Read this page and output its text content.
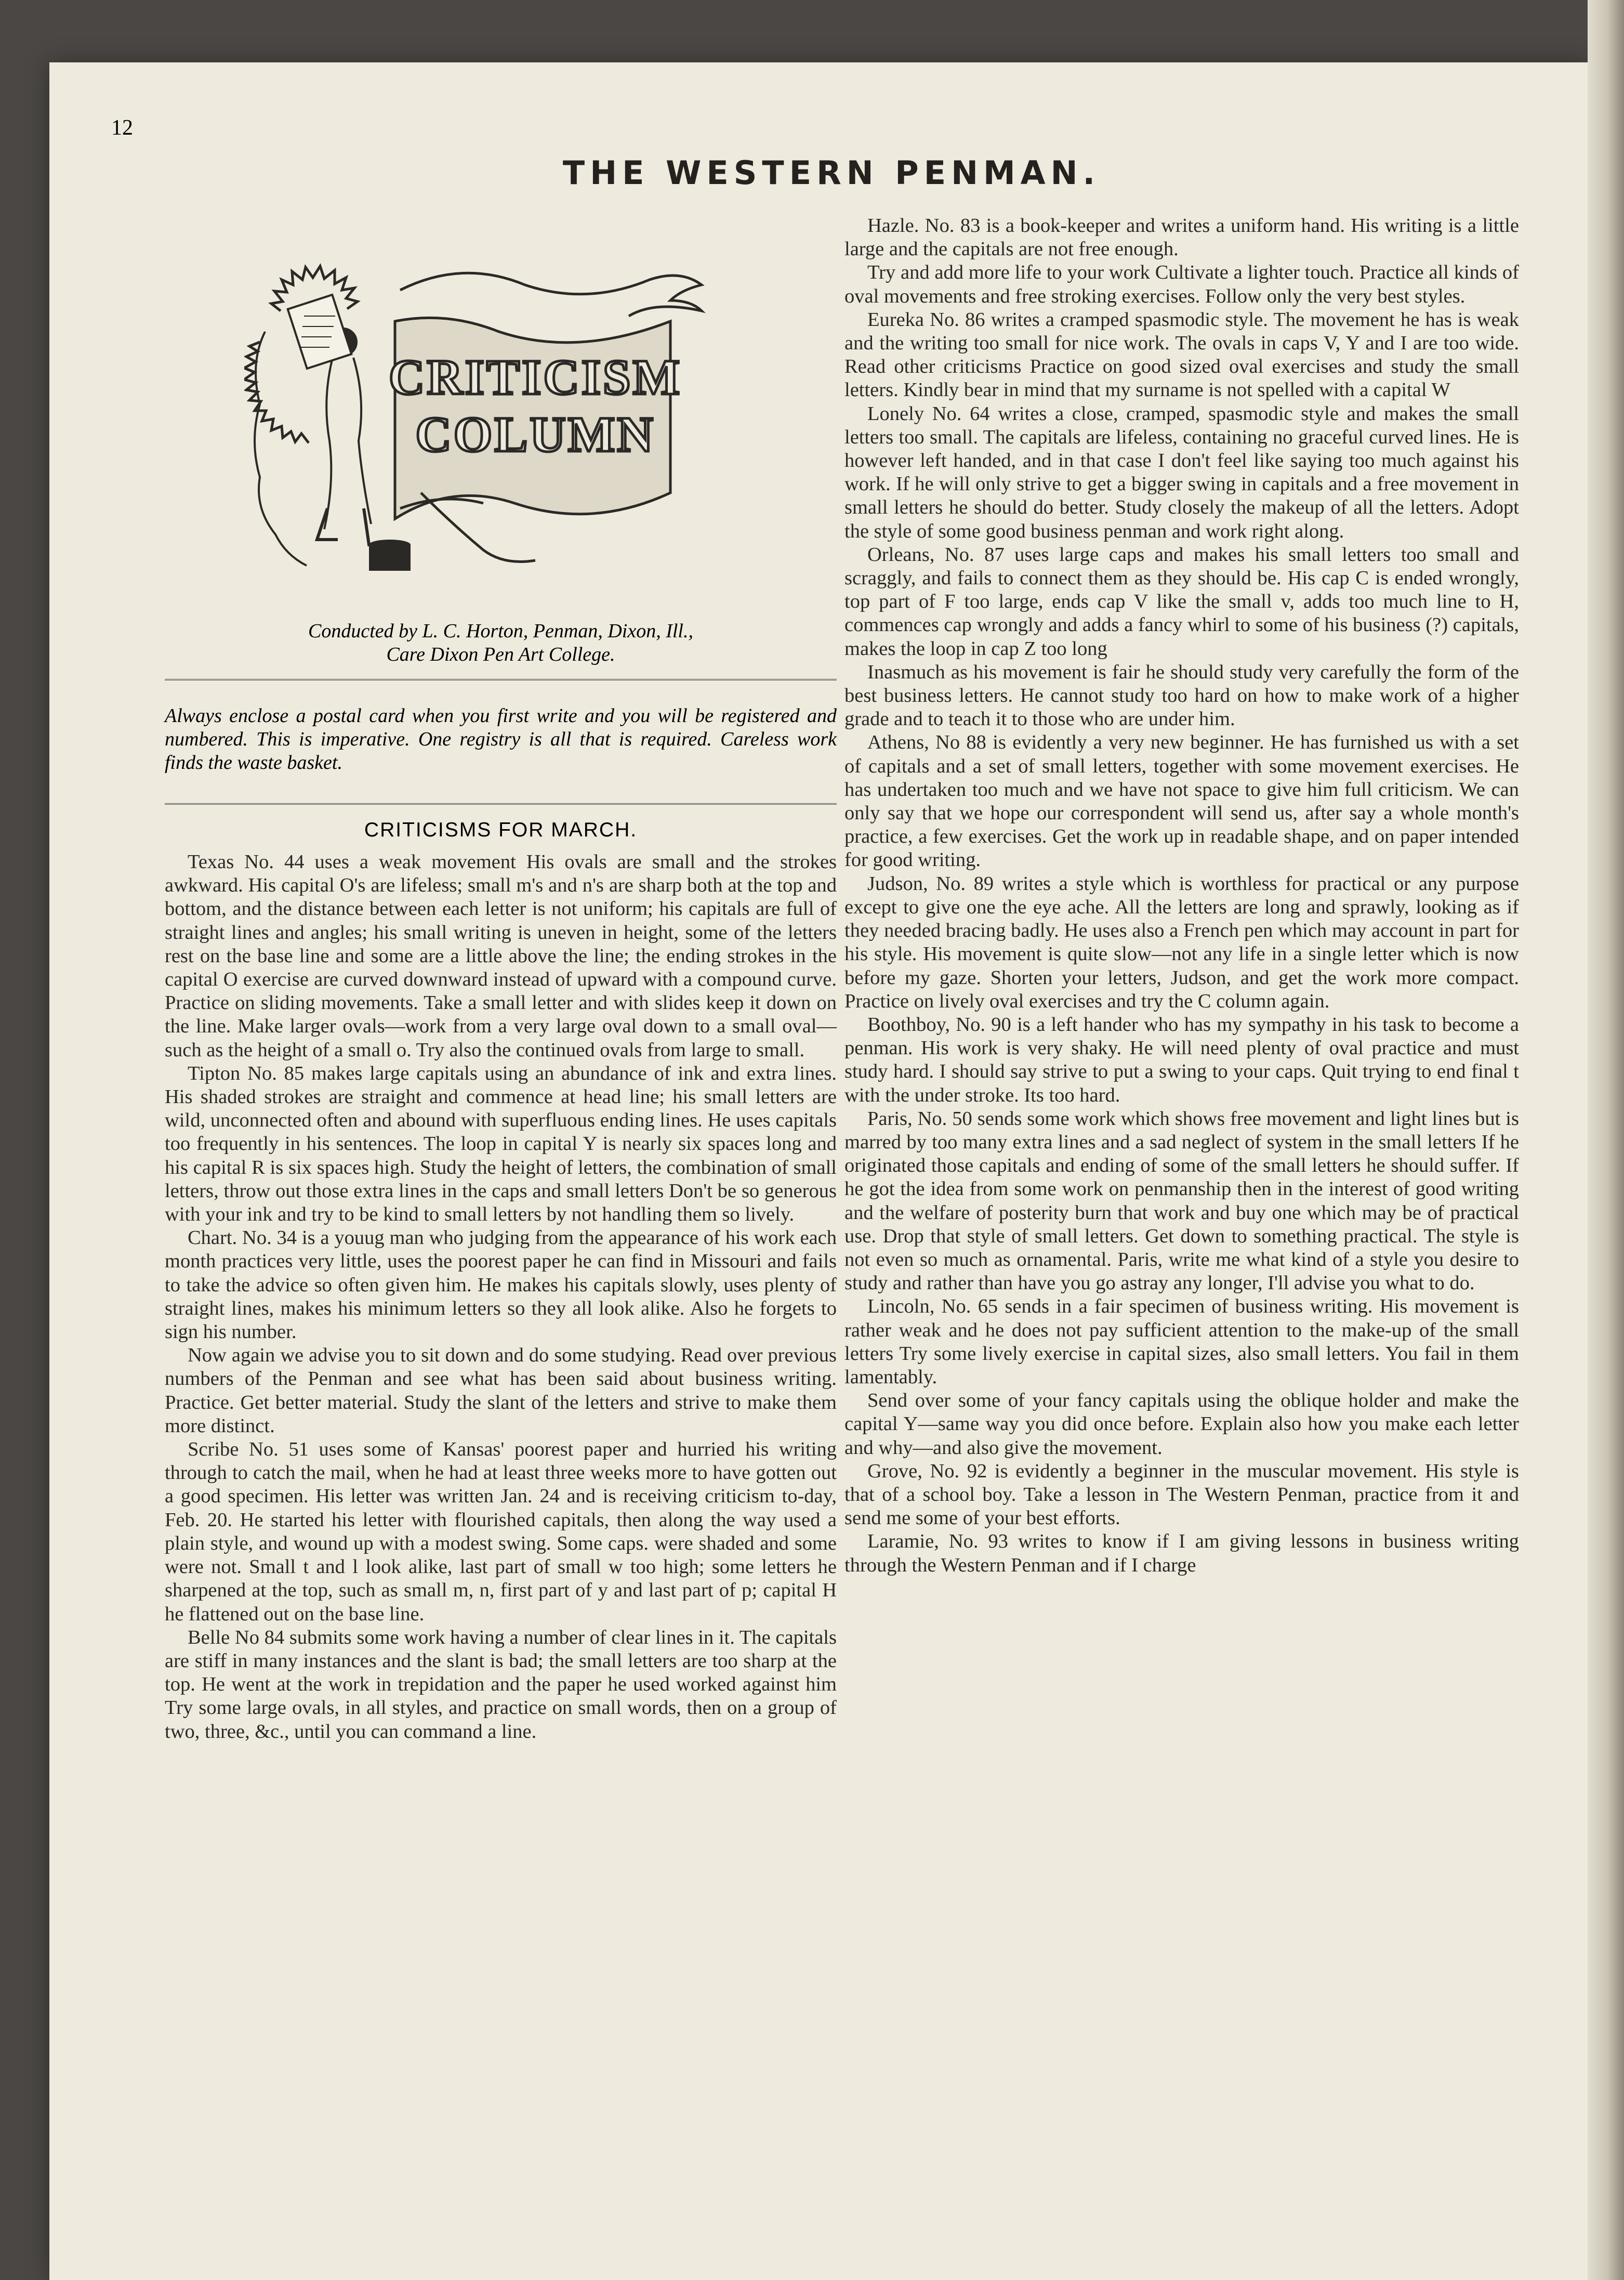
12

THE WESTERN PENMAN.

CRITICISM
COLUMN

Conducted by L. C. Horton, Penman, Dixon, Ill.,
Care Dixon Pen Art College.

Always enclose a postal card when you first write and you will be registered and numbered. This is imperative. One registry is all that is required. Careless work finds the waste basket.

CRITICISMS FOR MARCH.

Texas No. 44 uses a weak movement His ovals are small and the strokes awkward. His capital O's are lifeless; small m's and n's are sharp both at the top and bottom, and the distance between each letter is not uniform; his capitals are full of straight lines and angles; his small writing is uneven in height, some of the letters rest on the base line and some are a little above the line; the ending strokes in the capital O exercise are curved downward instead of upward with a compound curve. Practice on sliding movements. Take a small letter and with slides keep it down on the line. Make larger ovals—work from a very large oval down to a small oval—such as the height of a small o. Try also the continued ovals from large to small.

Tipton No. 85 makes large capitals using an abundance of ink and extra lines. His shaded strokes are straight and commence at head line; his small letters are wild, unconnected often and abound with superfluous ending lines. He uses capitals too frequently in his sentences. The loop in capital Y is nearly six spaces long and his capital R is six spaces high. Study the height of letters, the combination of small letters, throw out those extra lines in the caps and small letters Don't be so generous with your ink and try to be kind to small letters by not handling them so lively.

Chart. No. 34 is a youug man who judging from the appearance of his work each month practices very little, uses the poorest paper he can find in Missouri and fails to take the advice so often given him. He makes his capitals slowly, uses plenty of straight lines, makes his minimum letters so they all look alike. Also he forgets to sign his number.

Now again we advise you to sit down and do some studying. Read over previous numbers of the Penman and see what has been said about business writing. Practice. Get better material. Study the slant of the letters and strive to make them more distinct.

Scribe No. 51 uses some of Kansas' poorest paper and hurried his writing through to catch the mail, when he had at least three weeks more to have gotten out a good specimen. His letter was written Jan. 24 and is receiving criticism to-day, Feb. 20. He started his letter with flourished capitals, then along the way used a plain style, and wound up with a modest swing. Some caps. were shaded and some were not. Small t and l look alike, last part of small w too high; some letters he sharpened at the top, such as small m, n, first part of y and last part of p; capital H he flattened out on the base line.

Belle No 84 submits some work having a number of clear lines in it. The capitals are stiff in many instances and the slant is bad; the small letters are too sharp at the top. He went at the work in trepidation and the paper he used worked against him Try some large ovals, in all styles, and practice on small words, then on a group of two, three, &c., until you can command a line.

Hazle. No. 83 is a book-keeper and writes a uniform hand. His writing is a little large and the capitals are not free enough.

Try and add more life to your work Cultivate a lighter touch. Practice all kinds of oval movements and free stroking exercises. Follow only the very best styles.

Eureka No. 86 writes a cramped spasmodic style. The movement he has is weak and the writing too small for nice work. The ovals in caps V, Y and I are too wide. Read other criticisms Practice on good sized oval exercises and study the small letters. Kindly bear in mind that my surname is not spelled with a capital W

Lonely No. 64 writes a close, cramped, spasmodic style and makes the small letters too small. The capitals are lifeless, containing no graceful curved lines. He is however left handed, and in that case I don't feel like saying too much against his work. If he will only strive to get a bigger swing in capitals and a free movement in small letters he should do better. Study closely the makeup of all the letters. Adopt the style of some good business penman and work right along.

Orleans, No. 87 uses large caps and makes his small letters too small and scraggly, and fails to connect them as they should be. His cap C is ended wrongly, top part of F too large, ends cap V like the small v, adds too much line to H, commences cap wrongly and adds a fancy whirl to some of his business (?) capitals, makes the loop in cap Z too long

Inasmuch as his movement is fair he should study very carefully the form of the best business letters. He cannot study too hard on how to make work of a higher grade and to teach it to those who are under him.

Athens, No 88 is evidently a very new beginner. He has furnished us with a set of capitals and a set of small letters, together with some movement exercises. He has undertaken too much and we have not space to give him full criticism. We can only say that we hope our correspondent will send us, after say a whole month's practice, a few exercises. Get the work up in readable shape, and on paper intended for good writing.

Judson, No. 89 writes a style which is worthless for practical or any purpose except to give one the eye ache. All the letters are long and sprawly, looking as if they needed bracing badly. He uses also a French pen which may account in part for his style. His movement is quite slow—not any life in a single letter which is now before my gaze. Shorten your letters, Judson, and get the work more compact. Practice on lively oval exercises and try the C column again.

Boothboy, No. 90 is a left hander who has my sympathy in his task to become a penman. His work is very shaky. He will need plenty of oval practice and must study hard. I should say strive to put a swing to your caps. Quit trying to end final t with the under stroke. Its too hard.

Paris, No. 50 sends some work which shows free movement and light lines but is marred by too many extra lines and a sad neglect of system in the small letters If he originated those capitals and ending of some of the small letters he should suffer. If he got the idea from some work on penmanship then in the interest of good writing and the welfare of posterity burn that work and buy one which may be of practical use. Drop that style of small letters. Get down to something practical. The style is not even so much as ornamental. Paris, write me what kind of a style you desire to study and rather than have you go astray any longer, I'll advise you what to do.

Lincoln, No. 65 sends in a fair specimen of business writing. His movement is rather weak and he does not pay sufficient attention to the make-up of the small letters Try some lively exercise in capital sizes, also small letters. You fail in them lamentably.

Send over some of your fancy capitals using the oblique holder and make the capital Y—same way you did once before. Explain also how you make each letter and why—and also give the movement.

Grove, No. 92 is evidently a beginner in the muscular movement. His style is that of a school boy. Take a lesson in The Western Penman, practice from it and send me some of your best efforts.

Laramie, No. 93 writes to know if I am giving lessons in business writing through the Western Penman and if I charge
